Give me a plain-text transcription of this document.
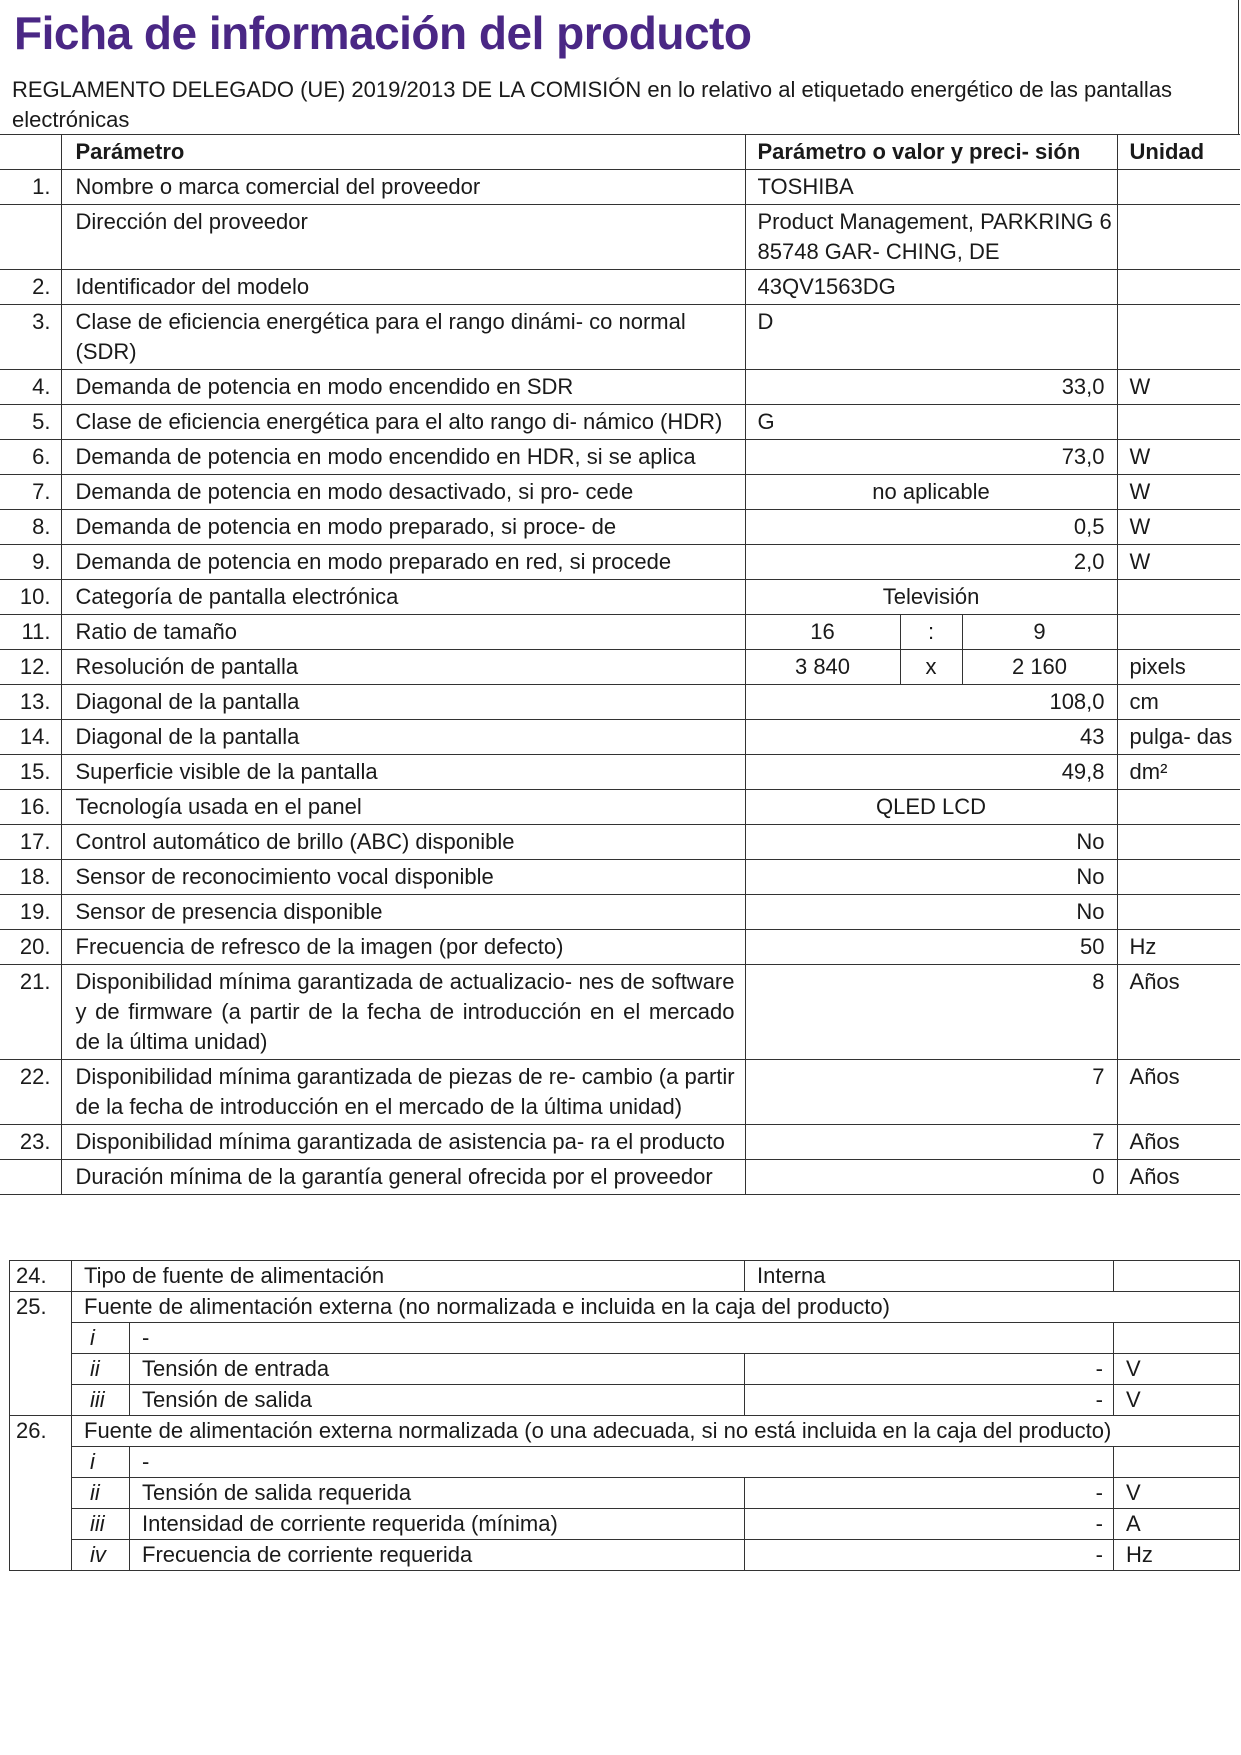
Ficha de información del producto
REGLAMENTO DELEGADO (UE) 2019/2013 DE LA COMISIÓN en lo relativo al etiquetado energético de las pantallas electrónicas
	Parámetro	Parámetro o valor y preci- sión			Unidad
1.	Nombre o marca comercial del proveedor	TOSHIBA			
	Dirección del proveedor	Product Management, PARKRING 6 85748 GAR- CHING, DE			
2.	Identificador del modelo	43QV1563DG			
3.	Clase de eficiencia energética para el rango dinámi- co normal (SDR)	D			
4.	Demanda de potencia en modo encendido en SDR	33,0			W
5.	Clase de eficiencia energética para el alto rango di- námico (HDR)	G			
6.	Demanda de potencia en modo encendido en HDR, si se aplica	73,0			W
7.	Demanda de potencia en modo desactivado, si pro- cede	no aplicable			W
8.	Demanda de potencia en modo preparado, si proce- de	0,5			W
9.	Demanda de potencia en modo preparado en red, si procede	2,0			W
10.	Categoría de pantalla electrónica	Televisión			
11.	Ratio de tamaño	16	:	9	
12.	Resolución de pantalla	3 840	x	2 160	pixels
13.	Diagonal de la pantalla	108,0			cm
14.	Diagonal de la pantalla	43			pulga- das
15.	Superficie visible de la pantalla	49,8			dm²
16.	Tecnología usada en el panel	QLED LCD			
17.	Control automático de brillo (ABC) disponible	No			
18.	Sensor de reconocimiento vocal disponible	No			
19.	Sensor de presencia disponible	No			
20.	Frecuencia de refresco de la imagen (por defecto)	50			Hz
21.	Disponibilidad mínima garantizada de actualizacio- nes de software y de firmware (a partir de la fecha de introducción en el mercado de la última unidad)	8			Años
22.	Disponibilidad mínima garantizada de piezas de re- cambio (a partir de la fecha de introducción en el mercado de la última unidad)	7			Años
23.	Disponibilidad mínima garantizada de asistencia pa- ra el producto	7			Años
	Duración mínima de la garantía general ofrecida por el proveedor	0			Años
24.	Tipo de fuente de alimentación		Interna	
25.	Fuente de alimentación externa (no normalizada e incluida en la caja del producto)			
	i	-		
	ii	Tensión de entrada	-	V
	iii	Tensión de salida	-	V
26.	Fuente de alimentación externa normalizada (o una adecuada, si no está incluida en la caja del producto)			
	i	-		
	ii	Tensión de salida requerida	-	V
	iii	Intensidad de corriente requerida (mínima)	-	A
	iv	Frecuencia de corriente requerida	-	Hz
